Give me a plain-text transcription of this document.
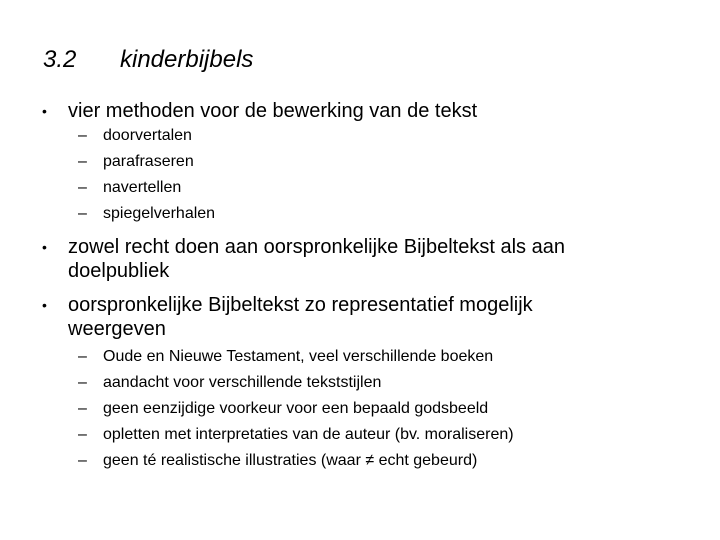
3.2 kinderbijbels
• vier methoden voor de bewerking van de tekst
– doorvertalen
– parafraseren
– navertellen
– spiegelverhalen
• zowel recht doen aan oorspronkelijke Bijbeltekst als aan doelpubliek
• oorspronkelijke Bijbeltekst zo representatief mogelijk weergeven
– Oude en Nieuwe Testament, veel verschillende boeken
– aandacht voor verschillende tekststijlen
– geen eenzijdige voorkeur voor een bepaald godsbeeld
– opletten met interpretaties van de auteur (bv. moraliseren)
– geen té realistische illustraties (waar ≠ echt gebeurd)
